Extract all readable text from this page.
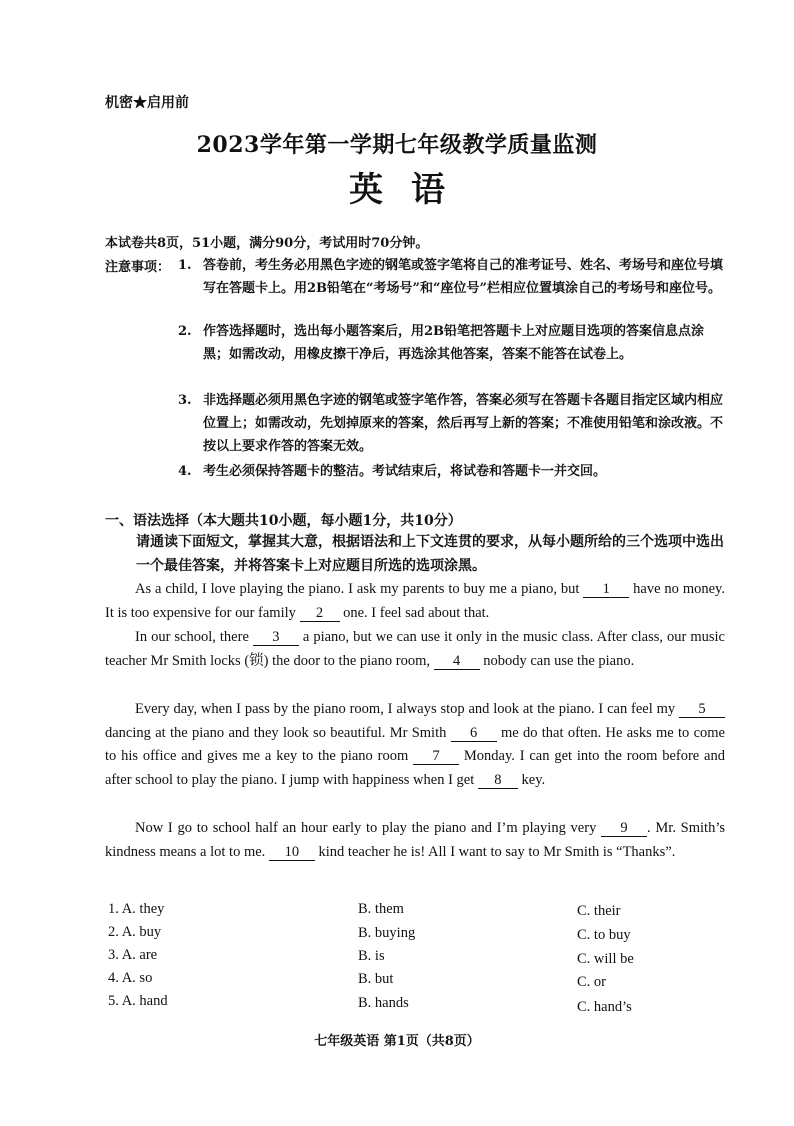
机密★启用前
2023学年第一学期七年级教学质量监测
英语
本试卷共8页，51小题，满分90分，考试用时70分钟。
注意事项： 1. 答卷前，考生务必用黑色字迹的钢笔或签字笔将自己的准考证号、姓名、考场号和座位号填写在答题卡上。用2B铅笔在“考场号”和“座位号”栏相应位置填涂自己的考场号和座位号。
2. 作答选择题时，选出每小题答案后，用2B铅笔把答题卡上对应题目选项的答案信息点涂黑；如需改动，用橡皮擦干净后，再选涂其他答案，答案不能答在试卷上。
3. 非选择题必须用黑色字迹的钢笔或签字笔作答，答案必须写在答题卡各题目指定区域内相应位置上；如需改动，先划掉原来的答案，然后再写上新的答案；不准使用铅笔和涂改液。不按以上要求作答的答案无效。
4. 考生必须保持答题卡的整洁。考试结束后，将试卷和答题卡一并交回。
一、语法选择（本大题共10小题，每小题1分，共10分）
请通读下面短文，掌握其大意，根据语法和上下文连贯的要求，从每小题所给的三个选项中选出一个最佳答案，并将答案卡上对应题目所选的选项涂黑。

As a child, I love playing the piano. I ask my parents to buy me a piano, but 1 have no money. It is too expensive for our family 2 one. I feel sad about that.

In our school, there 3 a piano, but we can use it only in the music class. After class, our music teacher Mr Smith locks (锁) the door to the piano room, 4 nobody can use the piano.

Every day, when I pass by the piano room, I always stop and look at the piano. I can feel my 5 dancing at the piano and they look so beautiful. Mr Smith 6 me do that often. He asks me to come to his office and gives me a key to the piano room 7 Monday. I can get into the room before and after school to play the piano. I jump with happiness when I get 8 key.

Now I go to school half an hour early to play the piano and I’m playing very 9 . Mr. Smith’s kindness means a lot to me. 10 kind teacher he is! All I want to say to Mr Smith is “Thanks”.

1. A. they	B. them	C. their
2. A. buy	B. buying	C. to buy
3. A. are	B. is	C. will be
4. A. so	B. but	C. or
5. A. hand	B. hands	C. hand’s
七年级英语 第1页（共8页）
